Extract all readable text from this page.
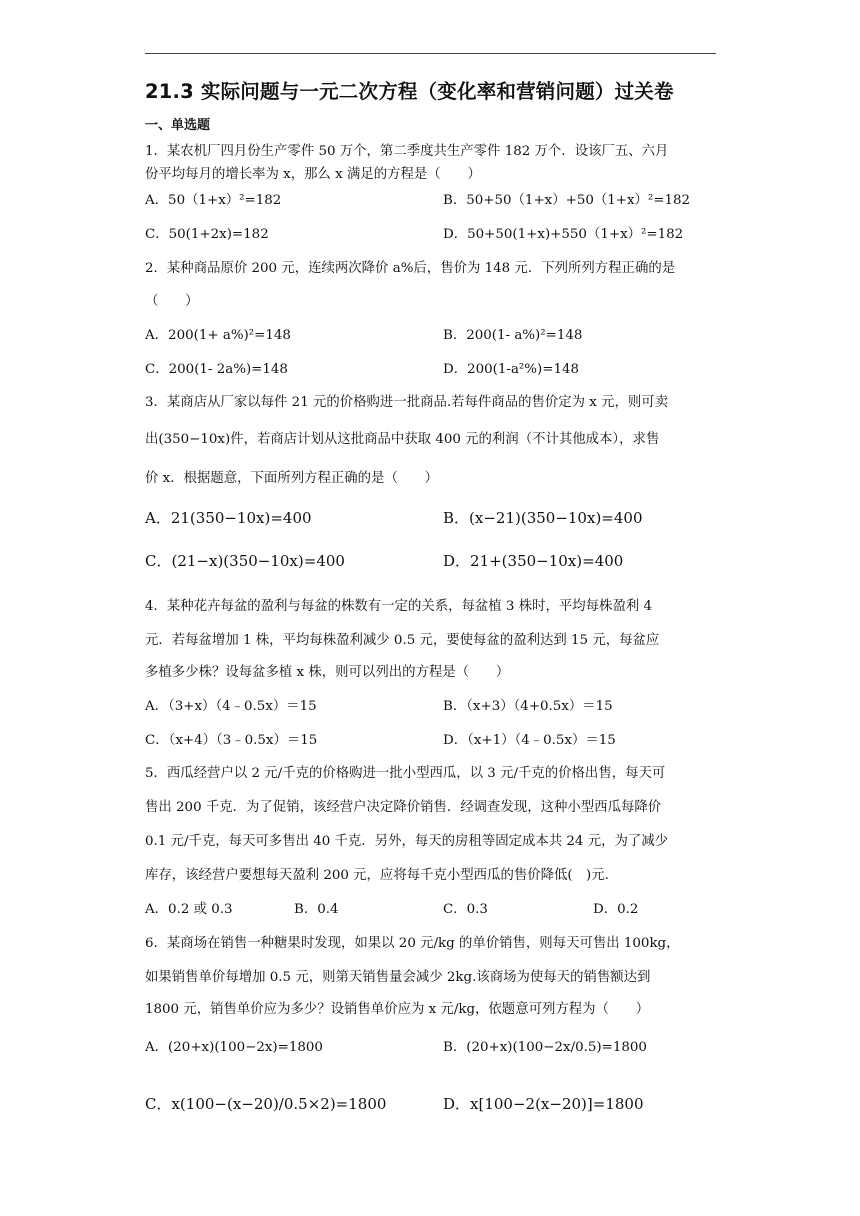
21.3 实际问题与一元二次方程（变化率和营销问题）过关卷
一、单选题
1．某农机厂四月份生产零件 50 万个，第二季度共生产零件 182 万个．设该厂五、六月
份平均每月的增长率为 x，那么 x 满足的方程是（　　）
A．50（1+x）²=182	B．50+50（1+x）+50（1+x）²=182
C．50(1+2x)=182	D．50+50(1+x)+550（1+x）²=182
2．某种商品原价 200 元，连续两次降价 a%后，售价为 148 元．下列所列方程正确的是
（　　）
A．200(1+ a%)²=148	B．200(1- a%)²=148
C．200(1- 2a%)=148	D．200(1-a²%)=148
3．某商店从厂家以每件 21 元的价格购进一批商品.若每件商品的售价定为 x 元，则可卖
出(350−10x)件，若商店计划从这批商品中获取 400 元的利润（不计其他成本），求售
价 x．根据题意，下面所列方程正确的是（　　）
A．21(350−10x)=400	B．(x−21)(350−10x)=400
C．(21−x)(350−10x)=400	D．21+(350−10x)=400
4．某种花卉每盆的盈利与每盆的株数有一定的关系，每盆植 3 株时，平均每株盈利 4
元．若每盆增加 1 株，平均每株盈利减少 0.5 元，要使每盆的盈利达到 15 元，每盆应
多植多少株？设每盆多植 x 株，则可以列出的方程是（　　）
A．（3+x）（4﹣0.5x）＝15	B．（x+3）（4+0.5x）＝15
C．（x+4）（3﹣0.5x）＝15	D．（x+1）（4﹣0.5x）＝15
5．西瓜经营户以 2 元/千克的价格购进一批小型西瓜，以 3 元/千克的价格出售，每天可
售出 200 千克．为了促销，该经营户决定降价销售．经调查发现，这种小型西瓜每降价
0.1 元/千克，每天可多售出 40 千克．另外，每天的房租等固定成本共 24 元，为了减少
库存，该经营户要想每天盈利 200 元，应将每千克小型西瓜的售价降低(　)元.
A．0.2 或 0.3	B．0.4	C．0.3	D．0.2
6．某商场在销售一种糖果时发现，如果以 20 元/kg 的单价销售，则每天可售出 100kg，
如果销售单价每增加 0.5 元，则第天销售量会减少 2kg.该商场为使每天的销售额达到
1800 元，销售单价应为多少？设销售单价应为 x 元/kg，依题意可列方程为（　　）
A．(20+x)(100−2x)=1800	B．(20+x)(100−2x/0.5)=1800
C．x(100−(x−20)/0.5×2)=1800	D．x[100−2(x−20)]=1800
